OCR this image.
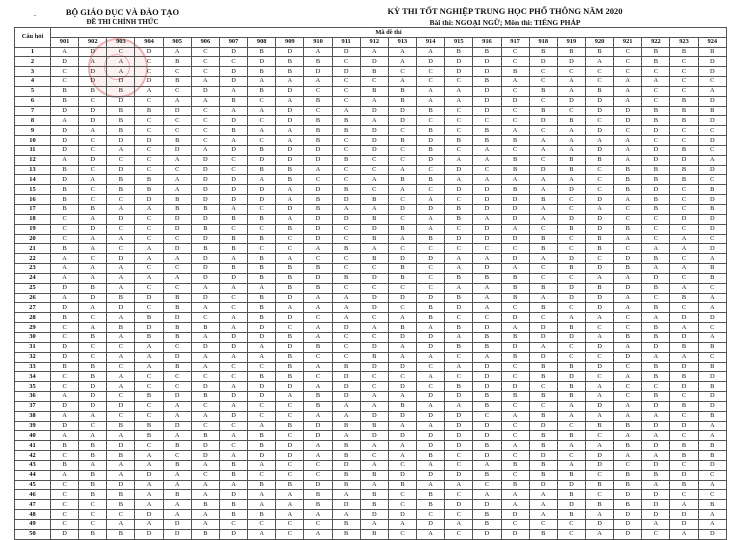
.	BỘ GIÁO DỤC VÀ ĐÀO TẠO
ĐỀ THI CHÍNH THỨC
KỲ THI TỐT NGHIỆP TRUNG HỌC PHỔ THÔNG NĂM 2020
Bài thi: NGOẠI NGỮ; Môn thi: TIẾNG PHÁP
Câu hỏi	Mã đề thi																							
	901	902	903	904	905	906	907	908	909	910	911	912	913	914	915	916	917	918	919	920	921	922	923	924
1	A	D	C	D	A	C	D	B	D	A	D	A	A	A	B	B	C	B	B	B	C	B	B	B
2	D	A	A	C	B	C	C	D	B	B	C	D	A	D	D	D	C	D	D	A	C	B	C	D
3	C	D	A	C	C	C	D	B	B	D	D	B	C	C	D	D	B	C	C	C	C	C	C	D
4	C	D	D	D	B	A	D	A	A	A	C	C	A	C	C	B	A	C	A	C	A	A	C	C
5	B	B	B	A	C	D	A	B	D	C	C	B	B	A	A	D	C	B	A	B	A	C	C	A
6	B	C	D	C	A	A	B	C	A	B	C	A	B	A	A	D	D	C	D	D	A	C	B	D
7	D	D	B	B	D	C	A	A	D	C	A	D	D	B	C	D	C	B	C	D	D	B	B	B
8	A	D	B	C	C	C	D	C	D	B	B	A	D	C	C	C	C	D	B	C	D	B	B	D
9	D	A	B	C	C	C	B	A	A	B	B	D	C	B	C	B	A	C	A	D	C	D	C	C
10	D	C	D	D	B	C	A	C	A	B	C	D	B	D	B	B	B	A	A	A	A	C	C	D
11	D	C	A	C	D	A	D	B	D	D	C	D	C	B	C	A	C	A	A	D	A	D	B	C
12	A	D	C	C	A	D	C	D	D	D	B	C	C	D	A	A	B	C	B	B	A	D	D	A
13	B	C	D	C	C	D	C	B	B	A	C	C	A	C	D	C	B	D	B	C	B	B	B	D
14	D	A	B	B	A	D	D	A	B	C	C	A	B	B	A	A	A	A	A	C	B	B	B	C
15	B	C	B	B	A	D	D	D	A	D	B	C	A	C	D	D	B	A	D	C	B	D	C	B
16	B	C	C	D	B	D	D	D	A	B	D	B	C	A	C	D	D	B	C	D	A	B	C	D
17	B	B	A	A	B	B	A	C	D	B	A	A	D	D	B	D	D	A	C	A	C	B	C	B
18	C	A	D	C	D	D	B	B	A	D	D	B	C	A	B	A	D	A	D	D	C	C	D	D
19	C	D	C	C	D	B	C	C	B	D	C	D	B	A	C	D	A	C	B	D	B	C	C	D
20	C	A	A	C	C	D	B	B	C	D	C	B	A	B	D	D	D	B	C	B	A	C	A	C
21	B	A	C	A	D	B	B	C	C	A	B	A	C	C	C	C	C	B	C	B	C	A	A	D
22	A	C	D	A	A	D	A	B	A	C	C	B	D	D	A	A	D	A	D	C	D	B	C	A
23	A	A	A	C	C	D	B	B	B	B	C	C	B	C	A	D	A	C	B	D	B	A	A	B
24	A	A	A	A	A	D	D	B	B	D	B	D	B	C	B	B	B	C	C	A	A	D	C	B
25	D	B	A	C	C	A	A	A	B	B	C	C	C	C	A	A	B	B	D	B	D	B	A	C
26	A	D	B	D	B	D	C	B	D	A	A	D	D	D	B	A	B	A	D	D	A	C	B	A
27	D	A	D	C	B	A	C	B	A	A	A	D	C	B	D	A	C	B	C	D	A	B	C	A
28	B	C	A	B	D	C	A	B	D	C	A	C	A	B	C	C	D	C	A	A	C	A	D	D
29	C	A	B	D	B	B	A	D	C	A	D	A	B	A	B	D	A	D	B	C	C	B	A	C
30	C	B	A	B	B	A	D	D	B	A	C	C	D	D	A	B	B	D	D	A	B	B	D	A
31	D	C	C	A	C	D	D	A	D	B	C	D	A	D	B	B	D	A	C	D	A	D	B	B
32	D	C	A	A	D	A	A	A	B	C	C	B	A	A	C	A	B	D	C	C	D	A	A	C
33	B	B	C	A	B	A	C	C	B	A	B	D	D	C	A	D	C	B	B	D	C	B	D	B
34	C	B	A	C	C	C	C	B	B	C	D	C	C	A	C	D	C	B	D	C	A	B	B	D
35	C	D	A	C	C	D	A	D	D	A	D	C	D	C	B	D	D	C	B	A	C	C	D	B
36	A	D	C	B	D	B	D	D	A	B	D	A	A	D	D	B	B	B	B	A	C	B	C	D
37	D	D	D	C	A	C	A	C	C	B	A	A	B	A	A	B	C	C	A	D	A	D	B	D
38	A	A	C	C	A	A	D	C	C	A	A	D	D	D	D	C	A	B	A	A	A	A	C	B
39	D	C	B	B	D	C	C	A	B	D	B	B	A	A	D	D	C	D	C	B	B	D	D	A
40	A	A	A	B	A	B	A	B	C	D	A	D	D	D	D	D	C	B	B	C	A	A	C	A
41	B	B	D	C	B	D	C	B	D	A	B	A	A	D	D	B	A	B	A	A	B	D	B	B
42	C	B	B	A	C	D	A	D	D	A	B	C	A	B	C	D	C	D	C	D	A	A	B	B
43	B	A	A	A	B	A	B	A	C	C	D	A	C	A	C	A	B	B	A	D	C	D	C	D
44	A	B	A	D	A	C	B	C	C	C	B	B	D	D	D	B	C	B	B	C	B	B	D	C
45	C	B	D	A	A	A	A	B	B	D	B	A	B	A	A	C	B	D	D	B	B	A	B	A
46	C	B	B	A	B	A	D	A	A	B	A	B	C	B	C	A	A	A	B	C	D	D	C	C
47	C	C	B	A	A	B	B	A	A	B	D	B	C	B	D	D	A	A	D	B	B	D	A	B
48	C	C	C	D	A	A	B	B	A	A	A	D	D	C	C	B	D	A	B	A	D	D	D	A
49	C	C	A	A	D	A	C	C	C	C	B	A	A	D	A	B	C	C	C	D	D	A	D	A
50	D	B	B	D	D	B	D	A	C	A	B	B	C	A	C	D	D	B	C	A	D	C	A	D
